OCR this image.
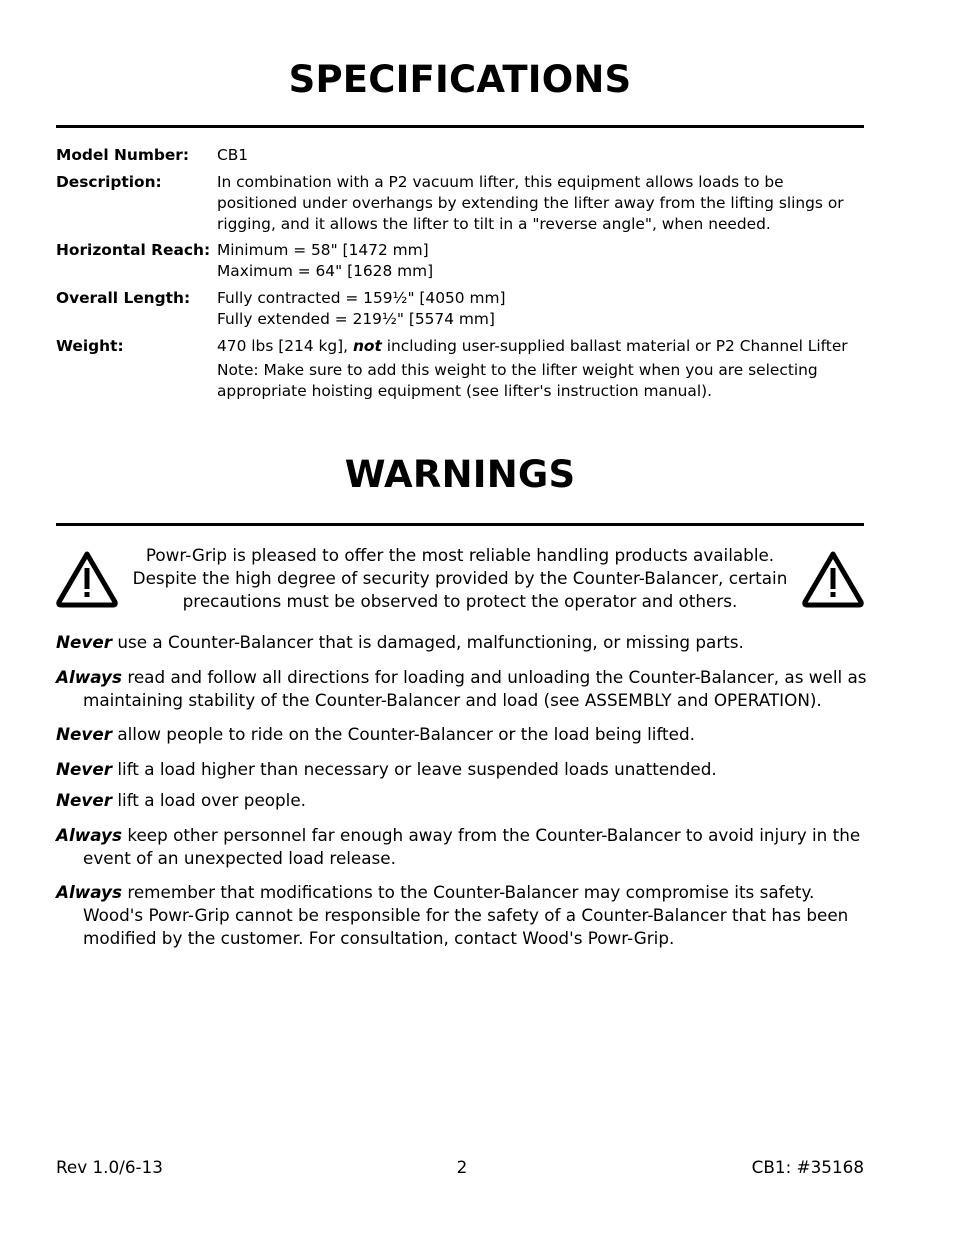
SPECIFICATIONS
Model Number: CB1
Description:	In combination with a P2 vacuum lifter, this equipment allows loads to be positioned under overhangs by extending the lifter away from the lifting slings or rigging, and it allows the lifter to tilt in a "reverse angle", when needed.
Horizontal Reach: Minimum = 58" [1472 mm]
Maximum = 64" [1628 mm]
Overall Length: Fully contracted = 159½" [4050 mm]
Fully extended = 219½" [5574 mm]
Weight:	470 lbs [214 kg], not including user-supplied ballast material or P2 Channel Lifter
Note: Make sure to add this weight to the lifter weight when you are selecting appropriate hoisting equipment (see lifter's instruction manual).
WARNINGS
Powr-Grip is pleased to offer the most reliable handling products available. Despite the high degree of security provided by the Counter-Balancer, certain precautions must be observed to protect the operator and others.
Never use a Counter-Balancer that is damaged, malfunctioning, or missing parts.
Always read and follow all directions for loading and unloading the Counter-Balancer, as well as maintaining stability of the Counter-Balancer and load (see ASSEMBLY and OPERATION).
Never allow people to ride on the Counter-Balancer or the load being lifted.
Never lift a load higher than necessary or leave suspended loads unattended.
Never lift a load over people.
Always keep other personnel far enough away from the Counter-Balancer to avoid injury in the event of an unexpected load release.
Always remember that modifications to the Counter-Balancer may compromise its safety. Wood's Powr-Grip cannot be responsible for the safety of a Counter-Balancer that has been modified by the customer. For consultation, contact Wood's Powr-Grip.
Rev 1.0/6-13	2	CB1: #35168
